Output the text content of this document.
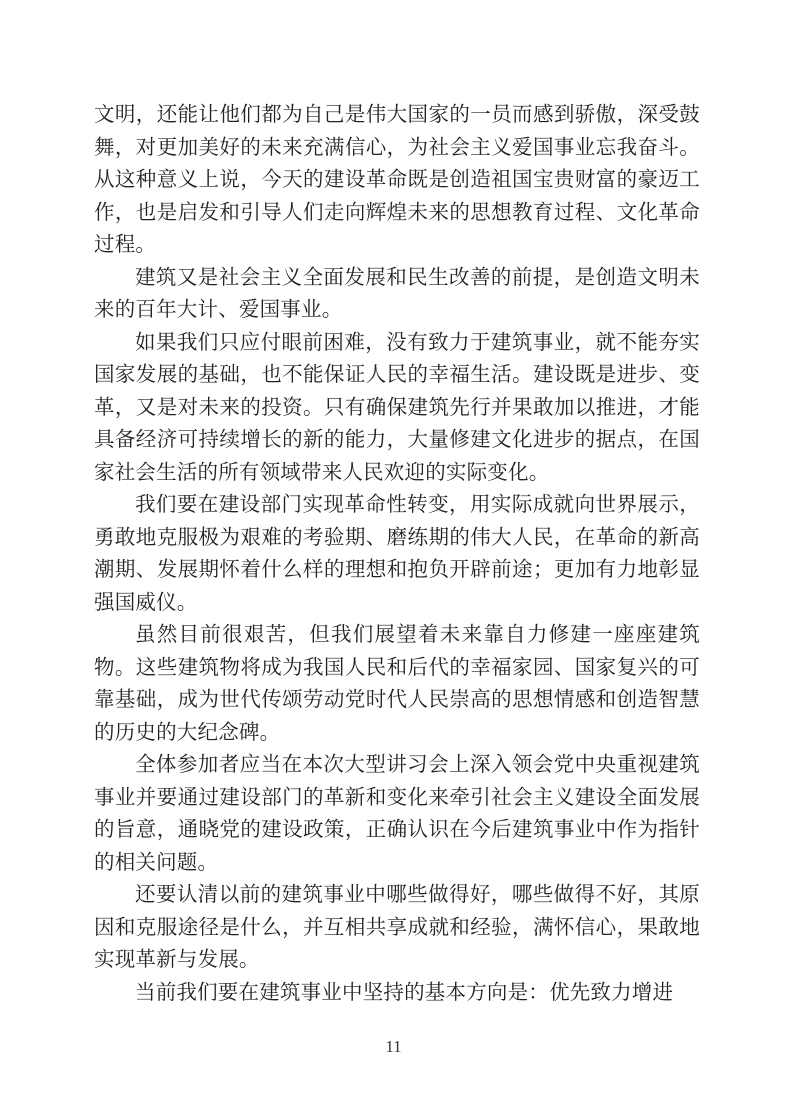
文明，还能让他们都为自己是伟大国家的一员而感到骄傲，深受鼓舞，对更加美好的未来充满信心，为社会主义爱国事业忘我奋斗。从这种意义上说，今天的建设革命既是创造祖国宝贵财富的豪迈工作，也是启发和引导人们走向辉煌未来的思想教育过程、文化革命过程。

建筑又是社会主义全面发展和民生改善的前提，是创造文明未来的百年大计、爱国事业。

如果我们只应付眼前困难，没有致力于建筑事业，就不能夯实国家发展的基础，也不能保证人民的幸福生活。建设既是进步、变革，又是对未来的投资。只有确保建筑先行并果敢加以推进，才能具备经济可持续增长的新的能力，大量修建文化进步的据点，在国家社会生活的所有领域带来人民欢迎的实际变化。

我们要在建设部门实现革命性转变，用实际成就向世界展示，勇敢地克服极为艰难的考验期、磨练期的伟大人民，在革命的新高潮期、发展期怀着什么样的理想和抱负开辟前途；更加有力地彰显强国威仪。

虽然目前很艰苦，但我们展望着未来靠自力修建一座座建筑物。这些建筑物将成为我国人民和后代的幸福家园、国家复兴的可靠基础，成为世代传颂劳动党时代人民崇高的思想情感和创造智慧的历史的大纪念碑。

全体参加者应当在本次大型讲习会上深入领会党中央重视建筑事业并要通过建设部门的革新和变化来牵引社会主义建设全面发展的旨意，通晓党的建设政策，正确认识在今后建筑事业中作为指针的相关问题。

还要认清以前的建筑事业中哪些做得好，哪些做得不好，其原因和克服途径是什么，并互相共享成就和经验，满怀信心，果敢地实现革新与发展。

当前我们要在建筑事业中坚持的基本方向是：优先致力增进

11
